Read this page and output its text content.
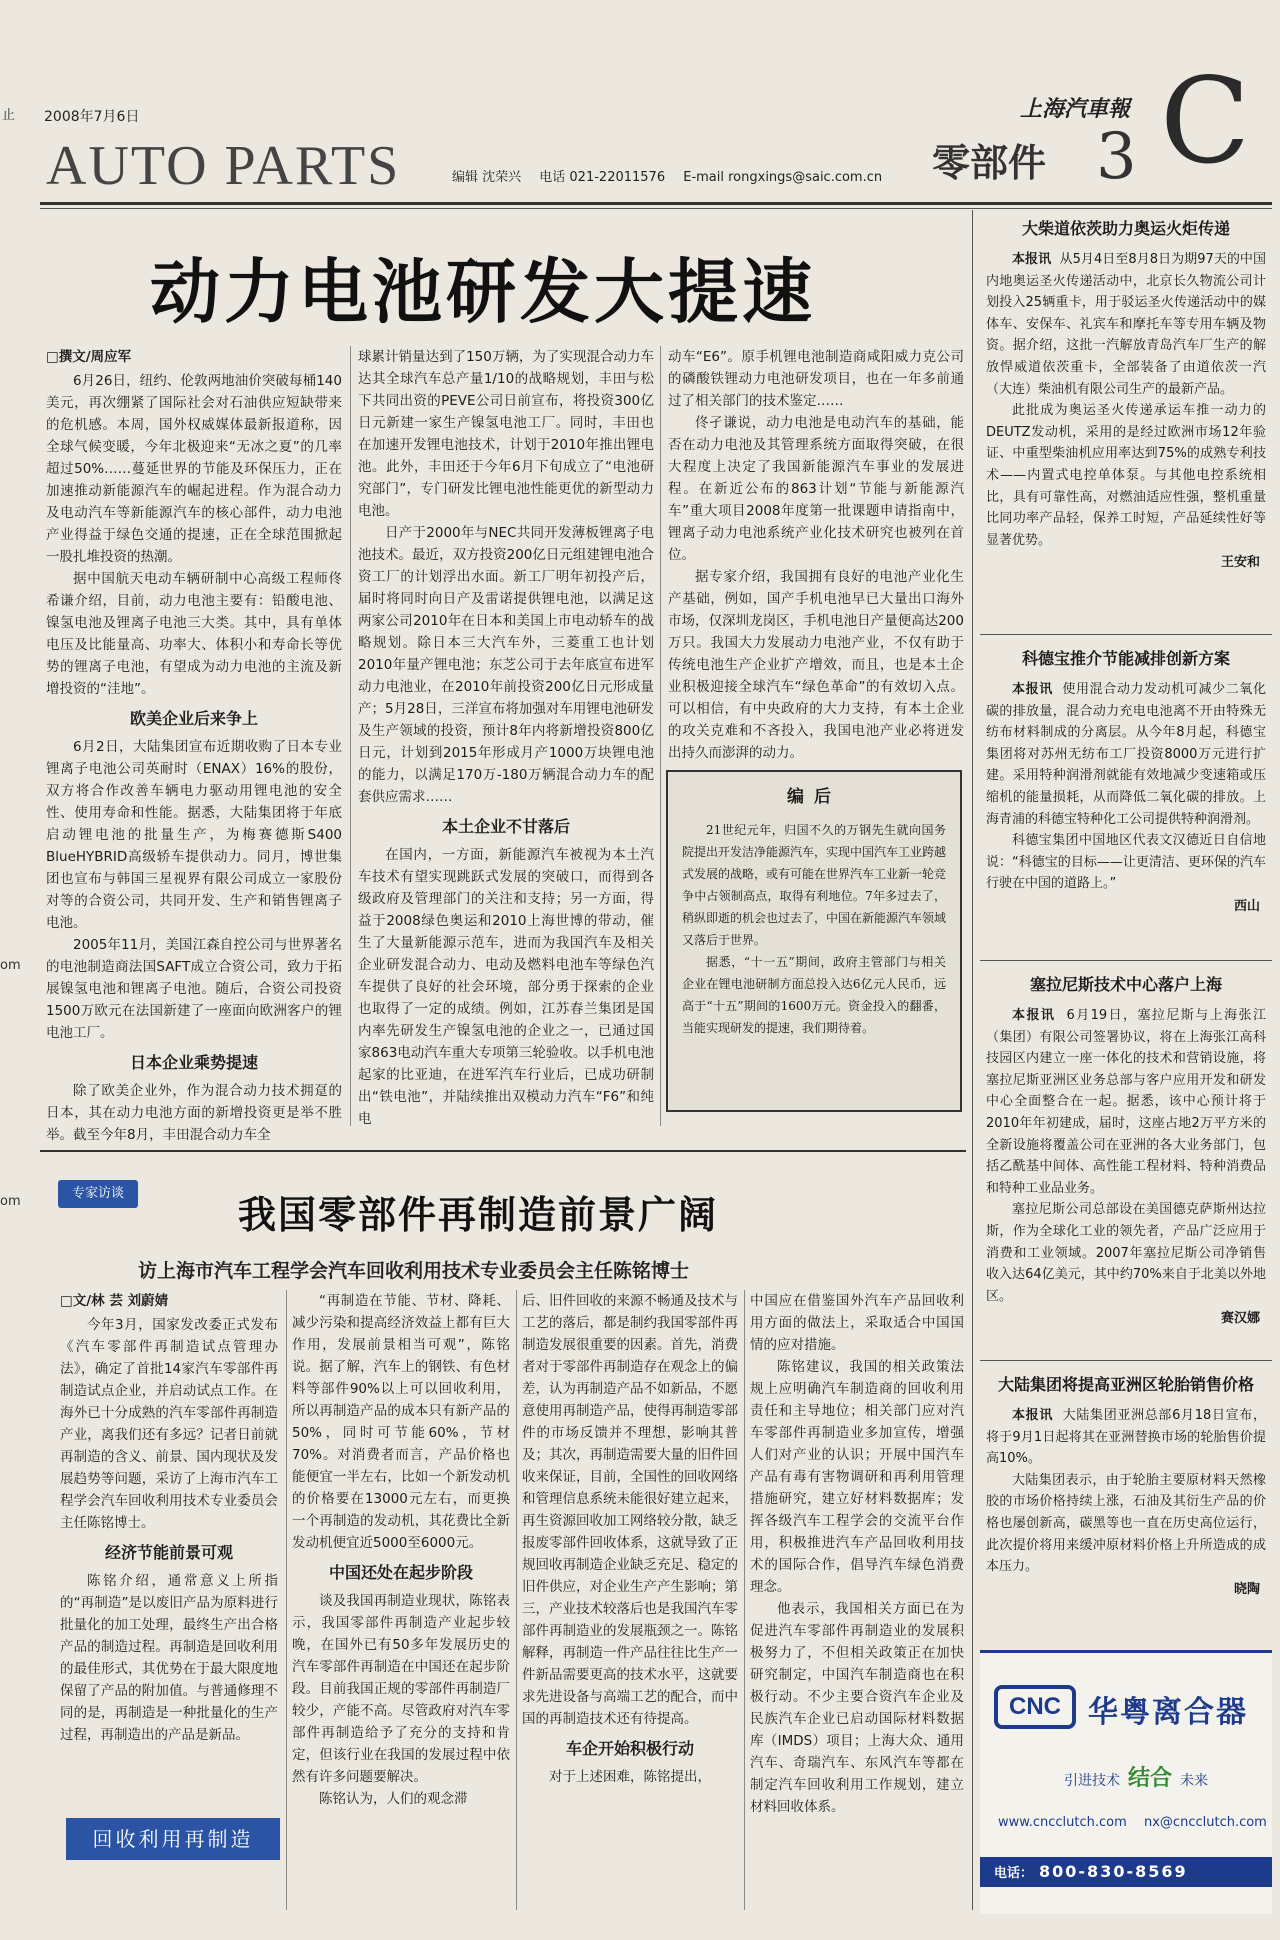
止
om
om
2008年7月6日	上海汽車報 C
AUTO PARTS	编辑 沈荣兴 电话 021-22011576 E-mail rongxings@saic.com.cn	零部件 3
动力电池研发大提速
□撰文/周应军

6月26日，纽约、伦敦两地油价突破每桶140美元，再次绷紧了国际社会对石油供应短缺带来的危机感。本周，国外权威媒体最新报道称，因全球气候变暖，今年北极迎来“无冰之夏”的几率超过50%……蔓延世界的节能及环保压力，正在加速推动新能源汽车的崛起进程。作为混合动力及电动汽车等新能源汽车的核心部件，动力电池产业得益于绿色交通的提速，正在全球范围掀起一股扎堆投资的热潮。

据中国航天电动车辆研制中心高级工程师佟希谦介绍，目前，动力电池主要有：铅酸电池、镍氢电池及锂离子电池三大类。其中，具有单体电压及比能量高、功率大、体积小和寿命长等优势的锂离子电池，有望成为动力电池的主流及新增投资的“洼地”。

欧美企业后来争上

6月2日，大陆集团宣布近期收购了日本专业锂离子电池公司英耐时（ENAX）16%的股份，双方将合作改善车辆电力驱动用锂电池的安全性、使用寿命和性能。据悉，大陆集团将于年底启动锂电池的批量生产，为梅赛德斯S400 BlueHYBRID高级轿车提供动力。同月，博世集团也宣布与韩国三星视界有限公司成立一家股份对等的合资公司，共同开发、生产和销售锂离子电池。

2005年11月，美国江森自控公司与世界著名的电池制造商法国SAFT成立合资公司，致力于拓展镍氢电池和锂离子电池。随后，合资公司投资1500万欧元在法国新建了一座面向欧洲客户的锂电池工厂。

日本企业乘势提速

除了欧美企业外，作为混合动力技术拥趸的日本，其在动力电池方面的新增投资更是举不胜举。截至今年8月，丰田混合动力车全

球累计销量达到了150万辆，为了实现混合动力车达其全球汽车总产量1/10的战略规划，丰田与松下共同出资的PEVE公司日前宣布，将投资300亿日元新建一家生产镍氢电池工厂。同时，丰田也在加速开发锂电池技术，计划于2010年推出锂电池。此外，丰田还于今年6月下旬成立了“电池研究部门”，专门研发比锂电池性能更优的新型动力电池。

日产于2000年与NEC共同开发薄板锂离子电池技术。最近，双方投资200亿日元组建锂电池合资工厂的计划浮出水面。新工厂明年初投产后，届时将同时向日产及雷诺提供锂电池，以满足这两家公司2010年在日本和美国上市电动轿车的战略规划。除日本三大汽车外，三菱重工也计划2010年量产锂电池；东芝公司于去年底宣布进军动力电池业，在2010年前投资200亿日元形成量产；5月28日，三洋宣布将加强对车用锂电池研发及生产领域的投资，预计8年内将新增投资800亿日元，计划到2015年形成月产1000万块锂电池的能力，以满足170万-180万辆混合动力车的配套供应需求……

本土企业不甘落后

在国内，一方面，新能源汽车被视为本土汽车技术有望实现跳跃式发展的突破口，而得到各级政府及管理部门的关注和支持；另一方面，得益于2008绿色奥运和2010上海世博的带动，催生了大量新能源示范车，进而为我国汽车及相关企业研发混合动力、电动及燃料电池车等绿色汽车提供了良好的社会环境，部分勇于探索的企业也取得了一定的成绩。例如，江苏春兰集团是国内率先研发生产镍氢电池的企业之一，已通过国家863电动汽车重大专项第三轮验收。以手机电池起家的比亚迪，在进军汽车行业后，已成功研制出“铁电池”，并陆续推出双模动力汽车“F6”和纯电

动车“E6”。原手机锂电池制造商咸阳威力克公司的磷酸铁锂动力电池研发项目，也在一年多前通过了相关部门的技术鉴定……

佟孑谦说，动力电池是电动汽车的基础，能否在动力电池及其管理系统方面取得突破，在很大程度上决定了我国新能源汽车事业的发展进程。在新近公布的863计划“节能与新能源汽车”重大项目2008年度第一批课题申请指南中，锂离子动力电池系统产业化技术研究也被列在首位。

据专家介绍，我国拥有良好的电池产业化生产基础，例如，国产手机电池早已大量出口海外市场，仅深圳龙岗区，手机电池日产量便高达200万只。我国大力发展动力电池产业，不仅有助于传统电池生产企业扩产增效，而且，也是本土企业积极迎接全球汽车“绿色革命”的有效切入点。可以相信，有中央政府的大力支持，有本土企业的攻关克难和不吝投入，我国电池产业必将迸发出持久而澎湃的动力。

编后

21世纪元年，归国不久的万钢先生就向国务院提出开发洁净能源汽车，实现中国汽车工业跨越式发展的战略，或有可能在世界汽车工业新一轮竞争中占领制高点，取得有利地位。7年多过去了，稍纵即逝的机会也过去了，中国在新能源汽车领域又落后于世界。

据悉，“十一五”期间，政府主管部门与相关企业在锂电池研制方面总投入达6亿元人民币，远高于“十五”期间的1600万元。资金投入的翻番，当能实现研发的提速，我们期待着。

大柴道依茨助力奥运火炬传递

本报讯 从5月4日至8月8日为期97天的中国内地奥运圣火传递活动中，北京长久物流公司计划投入25辆重卡，用于驳运圣火传递活动中的媒体车、安保车、礼宾车和摩托车等专用车辆及物资。据介绍，这批一汽解放青岛汽车厂生产的解放悍威道依茨重卡，全部装备了由道依茨一汽（大连）柴油机有限公司生产的最新产品。

此批成为奥运圣火传递承运车推一动力的DEUTZ发动机，采用的是经过欧洲市场12年验证、中重型柴油机应用率达到75%的成熟专利技术——内置式电控单体泵。与其他电控系统相比，具有可靠性高，对燃油适应性强，整机重量比同功率产品轻，保养工时短，产品延续性好等显著优势。

王安和
科德宝推介节能减排创新方案

本报讯 使用混合动力发动机可减少二氧化碳的排放量，混合动力充电电池离不开由特殊无纺布材料制成的分离层。从今年8月起，科德宝集团将对苏州无纺布工厂投资8000万元进行扩建。采用特种润滑剂就能有效地减少变速箱或压缩机的能量损耗，从而降低二氧化碳的排放。上海青浦的科德宝特种化工公司提供特种润滑剂。

科德宝集团中国地区代表文汉德近日自信地说：“科德宝的目标——让更清洁、更环保的汽车行驶在中国的道路上。”

西山
塞拉尼斯技术中心落户上海

本报讯 6月19日，塞拉尼斯与上海张江（集团）有限公司签署协议，将在上海张江高科技园区内建立一座一体化的技术和营销设施，将塞拉尼斯亚洲区业务总部与客户应用开发和研发中心全面整合在一起。据悉，该中心预计将于2010年年初建成，届时，这座占地2万平方米的全新设施将覆盖公司在亚洲的各大业务部门，包括乙酰基中间体、高性能工程材料、特种消费品和特种工业品业务。

塞拉尼斯公司总部设在美国德克萨斯州达拉斯，作为全球化工业的领先者，产品广泛应用于消费和工业领域。2007年塞拉尼斯公司净销售收入达64亿美元，其中约70%来自于北美以外地区。

赛汉娜
大陆集团将提高亚洲区轮胎销售价格

本报讯 大陆集团亚洲总部6月18日宣布，将于9月1日起将其在亚洲替换市场的轮胎售价提高10%。

大陆集团表示，由于轮胎主要原材料天然橡胶的市场价格持续上涨，石油及其衍生产品的价格也屡创新高，碳黑等也一直在历史高位运行，此次提价将用来缓冲原材料价格上升所造成的成本压力。

晓陶
CNC 华粤离合器
引进技术 结合 未来
www.cncclutch.com nx@cncclutch.com
电话： 800-830-8569
专家访谈	我国零部件再制造前景广阔
访上海市汽车工程学会汽车回收利用技术专业委员会主任陈铭博士
□文/林 芸 刘蔚婧

今年3月，国家发改委正式发布《汽车零部件再制造试点管理办法》，确定了首批14家汽车零部件再制造试点企业，并启动试点工作。在海外已十分成熟的汽车零部件再制造产业，离我们还有多远？记者日前就再制造的含义、前景、国内现状及发展趋势等问题，采访了上海市汽车工程学会汽车回收利用技术专业委员会主任陈铭博士。

经济节能前景可观

陈铭介绍，通常意义上所指的“再制造”是以废旧产品为原料进行批量化的加工处理，最终生产出合格产品的制造过程。再制造是回收利用的最佳形式，其优势在于最大限度地保留了产品的附加值。与普通修理不同的是，再制造是一种批量化的生产过程，再制造出的产品是新品。

“再制造在节能、节材、降耗、减少污染和提高经济效益上都有巨大作用，发展前景相当可观”，陈铭说。据了解，汽车上的钢铁、有色材料等部件90%以上可以回收利用，所以再制造产品的成本只有新产品的50%，同时可节能60%，节材70%。对消费者而言，产品价格也能便宜一半左右，比如一个新发动机的价格要在13000元左右，而更换一个再制造的发动机，其花费比全新发动机便宜近5000至6000元。

中国还处在起步阶段

谈及我国再制造业现状，陈铭表示，我国零部件再制造产业起步较晚，在国外已有50多年发展历史的汽车零部件再制造在中国还在起步阶段。目前我国正规的零部件再制造厂较少，产能不高。尽管政府对汽车零部件再制造给予了充分的支持和肯定，但该行业在我国的发展过程中依然有许多问题要解决。

陈铭认为，人们的观念滞

后、旧件回收的来源不畅通及技术与工艺的落后，都是制约我国零部件再制造发展很重要的因素。首先，消费者对于零部件再制造存在观念上的偏差，认为再制造产品不如新品，不愿意使用再制造产品，使得再制造零部件的市场反馈并不理想，影响其普及；其次，再制造需要大量的旧件回收来保证，目前，全国性的回收网络和管理信息系统未能很好建立起来，再生资源回收加工网络较分散，缺乏报废零部件回收体系，这就导致了正规回收再制造企业缺乏充足、稳定的旧件供应，对企业生产产生影响；第三，产业技术较落后也是我国汽车零部件再制造业的发展瓶颈之一。陈铭解释，再制造一件产品往往比生产一件新品需要更高的技术水平，这就要求先进设备与高端工艺的配合，而中国的再制造技术还有待提高。

车企开始积极行动

对于上述困难，陈铭提出，

中国应在借鉴国外汽车产品回收利用方面的做法上，采取适合中国国情的应对措施。

陈铭建议，我国的相关政策法规上应明确汽车制造商的回收利用责任和主导地位；相关部门应对汽车零部件再制造业多加宣传，增强人们对产业的认识；开展中国汽车产品有毒有害物调研和再利用管理措施研究，建立好材料数据库；发挥各级汽车工程学会的交流平台作用，积极推进汽车产品回收利用技术的国际合作，倡导汽车绿色消费理念。

他表示，我国相关方面已在为促进汽车零部件再制造业的发展积极努力了，不但相关政策正在加快研究制定，中国汽车制造商也在积极行动。不少主要合资汽车企业及民族汽车企业已启动国际材料数据库（IMDS）项目；上海大众、通用汽车、奇瑞汽车、东风汽车等都在制定汽车回收利用工作规划，建立材料回收体系。

回收利用再制造
